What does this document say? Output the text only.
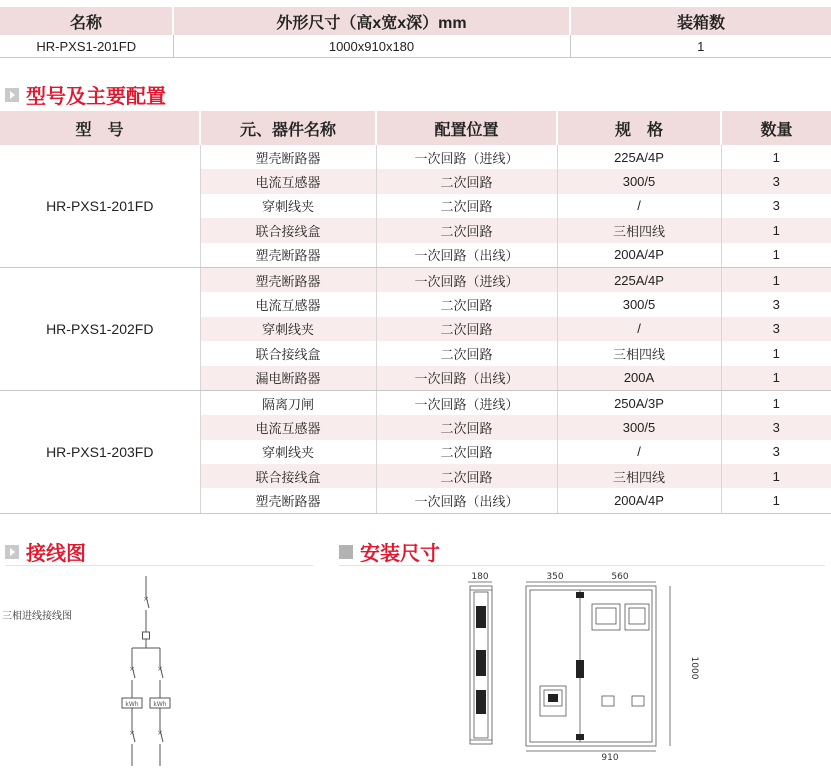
名称	外形尺寸（高x宽x深）mm	装箱数
HR-PXS1-201FD	1000x910x180	1
型号及主要配置
型　号	元、器件名称	配置位置	规　格	数量
HR-PXS1-201FD	塑壳断路器	一次回路（进线）	225A/4P	1
	电流互感器	二次回路	300/5	3
	穿刺线夹	二次回路	/	3
	联合接线盒	二次回路	三相四线	1
	塑壳断路器	一次回路（出线）	200A/4P	1
HR-PXS1-202FD	塑壳断路器	一次回路（进线）	225A/4P	1
	电流互感器	二次回路	300/5	3
	穿刺线夹	二次回路	/	3
	联合接线盒	二次回路	三相四线	1
	漏电断路器	一次回路（出线）	200A	1
HR-PXS1-203FD	隔离刀闸	一次回路（进线）	250A/3P	1
	电流互感器	二次回路	300/5	3
	穿刺线夹	二次回路	/	3
	联合接线盒	二次回路	三相四线	1
	塑壳断路器	一次回路（出线）	200A/4P	1
接线图	安装尺寸
三相进线接线图
×
×	×
×	×
kWh kWh
180	350	560
910
1000
